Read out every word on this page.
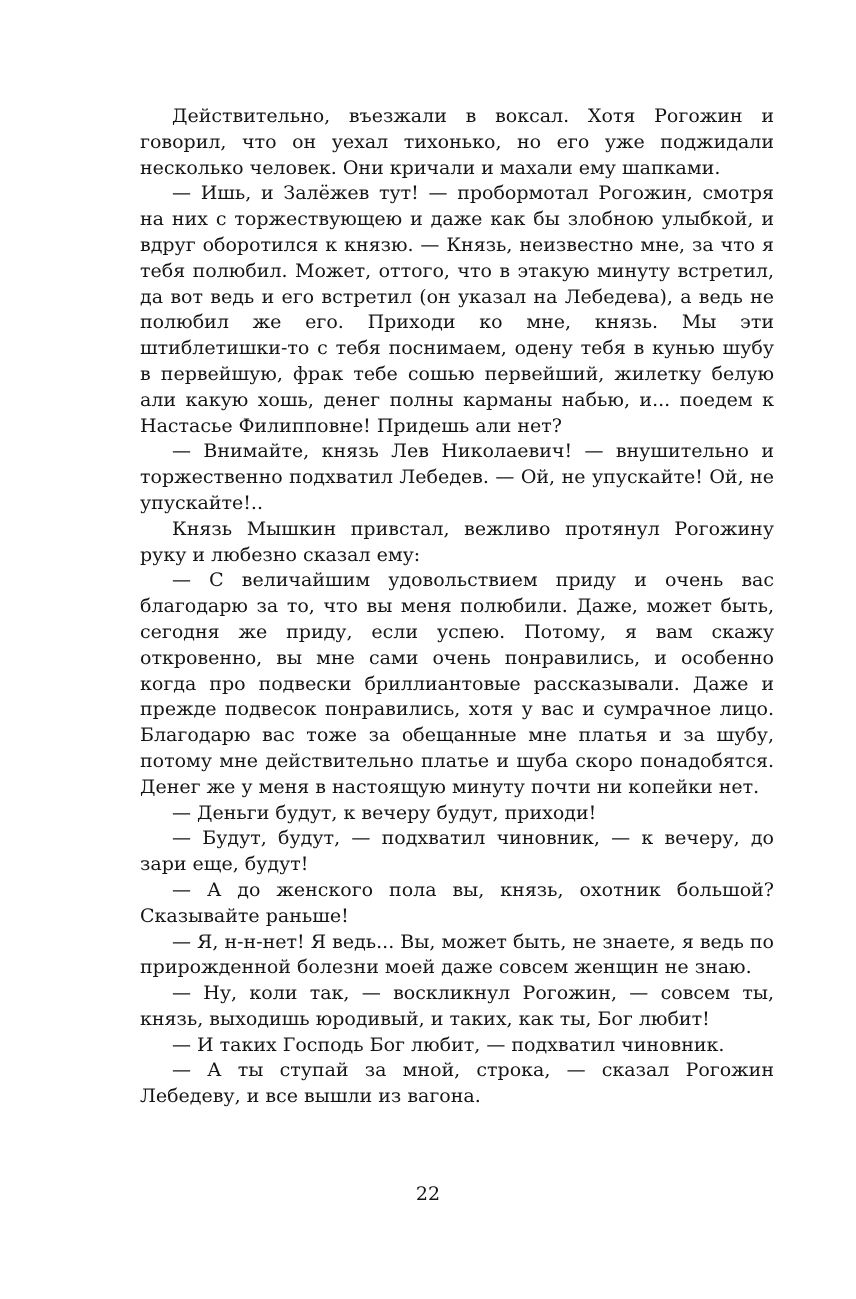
Действительно, въезжали в воксал. Хотя Рогожин и говорил, что он уехал тихонько, но его уже поджидали несколько человек. Они кричали и махали ему шапками.

— Ишь, и Залёжев тут! — пробормотал Рогожин, смотря на них с торжествующею и даже как бы злобною улыбкой, и вдруг оборотился к князю. — Князь, неизвестно мне, за что я тебя полюбил. Может, оттого, что в этакую минуту встретил, да вот ведь и его встретил (он указал на Лебедева), а ведь не полюбил же его. Приходи ко мне, князь. Мы эти штиблетишки-то с тебя поснимаем, одену тебя в кунью шубу в первейшую, фрак тебе сошью первейший, жилетку белую али какую хошь, денег полны карманы набью, и... поедем к Настасье Филипповне! Придешь али нет?

— Внимайте, князь Лев Николаевич! — внушительно и торжественно подхватил Лебедев. — Ой, не упускайте! Ой, не упускайте!..

Князь Мышкин привстал, вежливо протянул Рогожину руку и любезно сказал ему:

— С величайшим удовольствием приду и очень вас благодарю за то, что вы меня полюбили. Даже, может быть, сегодня же приду, если успею. Потому, я вам скажу откровенно, вы мне сами очень понравились, и особенно когда про подвески бриллиантовые рассказывали. Даже и прежде подвесок понравились, хотя у вас и сумрачное лицо. Благодарю вас тоже за обещанные мне платья и за шубу, потому мне действительно платье и шуба скоро понадобятся. Денег же у меня в настоящую минуту почти ни копейки нет.

— Деньги будут, к вечеру будут, приходи!

— Будут, будут, — подхватил чиновник, — к вечеру, до зари еще, будут!

— А до женского пола вы, князь, охотник большой? Сказывайте раньше!

— Я, н-н-нет! Я ведь... Вы, может быть, не знаете, я ведь по прирожденной болезни моей даже совсем женщин не знаю.

— Ну, коли так, — воскликнул Рогожин, — совсем ты, князь, выходишь юродивый, и таких, как ты, Бог любит!

— И таких Господь Бог любит, — подхватил чиновник.

— А ты ступай за мной, строка, — сказал Рогожин Лебедеву, и все вышли из вагона.

22
